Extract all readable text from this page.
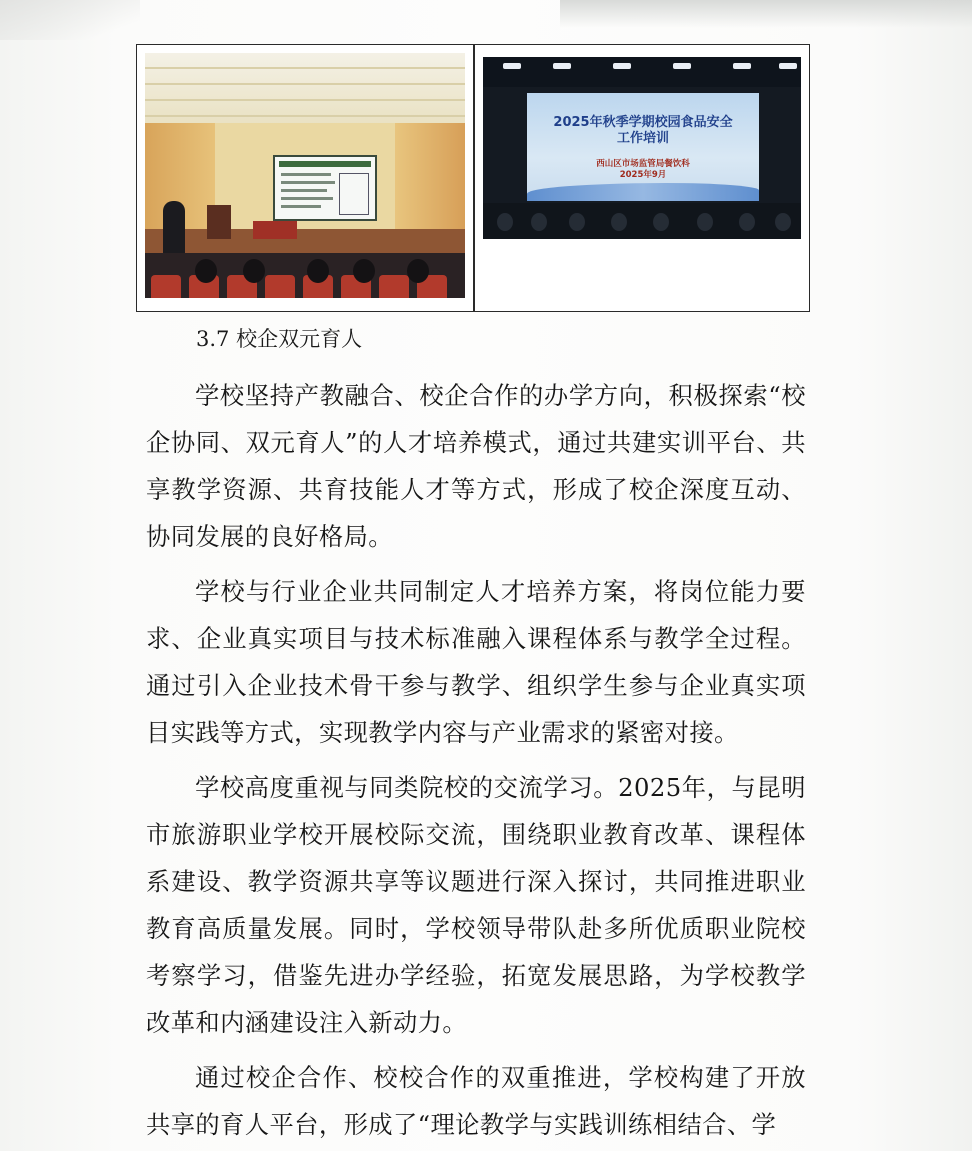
2025年秋季学期校园食品安全
工作培训
西山区市场监管局餐饮科
2025年9月
3.7 校企双元育人

学校坚持产教融合、校企合作的办学方向，积极探索“校企协同、双元育人”的人才培养模式，通过共建实训平台、共享教学资源、共育技能人才等方式，形成了校企深度互动、协同发展的良好格局。

学校与行业企业共同制定人才培养方案，将岗位能力要求、企业真实项目与技术标准融入课程体系与教学全过程。通过引入企业技术骨干参与教学、组织学生参与企业真实项目实践等方式，实现教学内容与产业需求的紧密对接。

学校高度重视与同类院校的交流学习。2025年，与昆明市旅游职业学校开展校际交流，围绕职业教育改革、课程体系建设、教学资源共享等议题进行深入探讨，共同推进职业教育高质量发展。同时，学校领导带队赴多所优质职业院校考察学习，借鉴先进办学经验，拓宽发展思路，为学校教学改革和内涵建设注入新动力。

通过校企合作、校校合作的双重推进，学校构建了开放共享的育人平台，形成了“理论教学与实践训练相结合、学
